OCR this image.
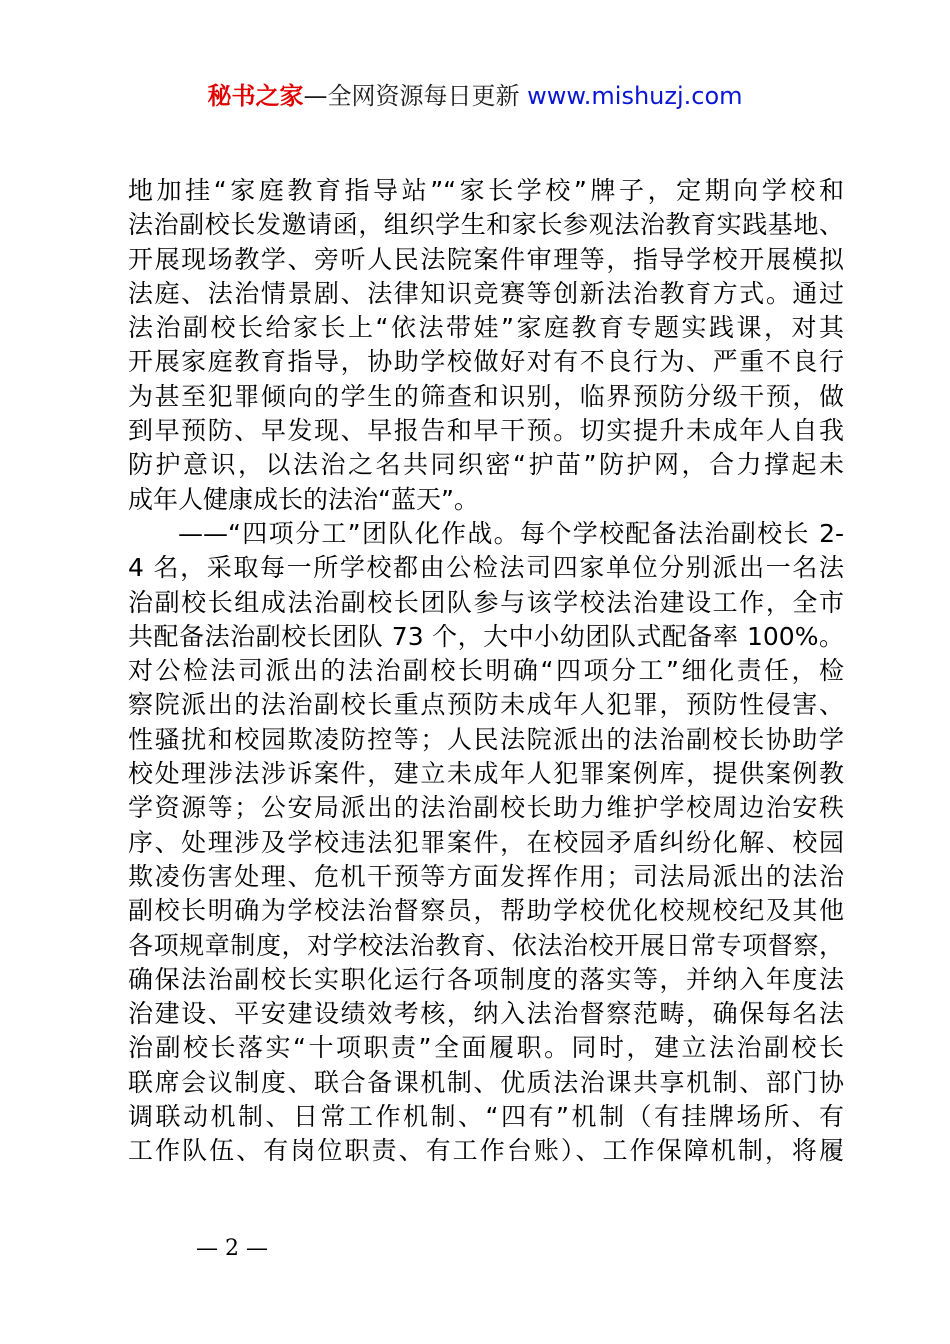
秘书之家—全网资源每日更新 www.mishuzj.com
地加挂“家庭教育指导站”“家长学校”牌子，定期向学校和
法治副校长发邀请函，组织学生和家长参观法治教育实践基地、
开展现场教学、旁听人民法院案件审理等，指导学校开展模拟
法庭、法治情景剧、法律知识竞赛等创新法治教育方式。通过
法治副校长给家长上“依法带娃”家庭教育专题实践课，对其
开展家庭教育指导，协助学校做好对有不良行为、严重不良行
为甚至犯罪倾向的学生的筛查和识别，临界预防分级干预，做
到早预防、早发现、早报告和早干预。切实提升未成年人自我
防护意识，以法治之名共同织密“护苗”防护网，合力撑起未
成年人健康成长的法治“蓝天”。
——“四项分工”团队化作战。每个学校配备法治副校长 2-
4 名，采取每一所学校都由公检法司四家单位分别派出一名法
治副校长组成法治副校长团队参与该学校法治建设工作，全市
共配备法治副校长团队 73 个，大中小幼团队式配备率 100%。
对公检法司派出的法治副校长明确“四项分工”细化责任，检
察院派出的法治副校长重点预防未成年人犯罪，预防性侵害、
性骚扰和校园欺凌防控等；人民法院派出的法治副校长协助学
校处理涉法涉诉案件，建立未成年人犯罪案例库，提供案例教
学资源等；公安局派出的法治副校长助力维护学校周边治安秩
序、处理涉及学校违法犯罪案件，在校园矛盾纠纷化解、校园
欺凌伤害处理、危机干预等方面发挥作用；司法局派出的法治
副校长明确为学校法治督察员，帮助学校优化校规校纪及其他
各项规章制度，对学校法治教育、依法治校开展日常专项督察，
确保法治副校长实职化运行各项制度的落实等，并纳入年度法
治建设、平安建设绩效考核，纳入法治督察范畴，确保每名法
治副校长落实“十项职责”全面履职。同时，建立法治副校长
联席会议制度、联合备课机制、优质法治课共享机制、部门协
调联动机制、日常工作机制、“四有”机制（有挂牌场所、有
工作队伍、有岗位职责、有工作台账）、工作保障机制，将履
— 2 —
